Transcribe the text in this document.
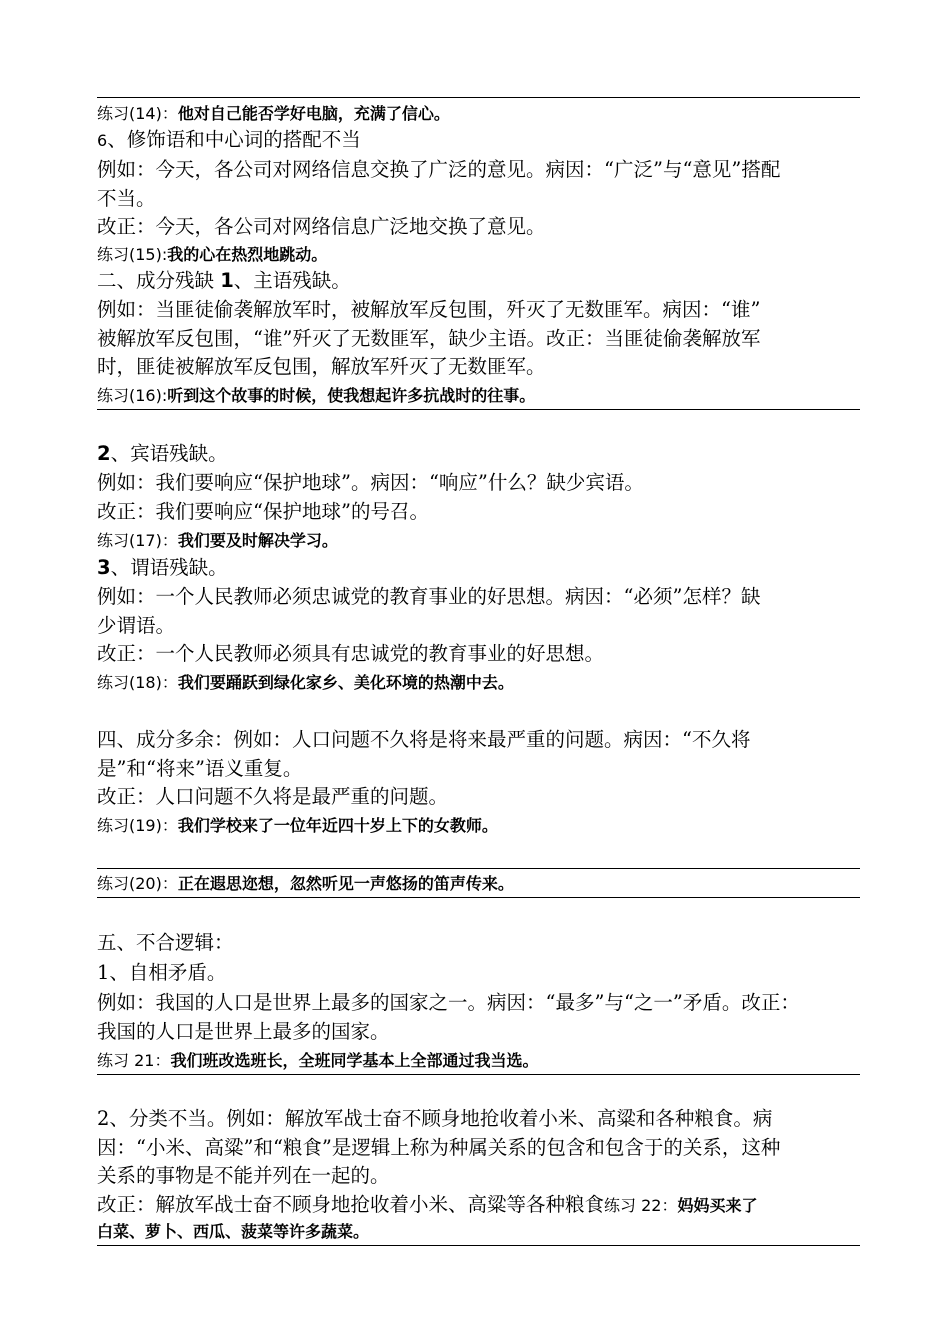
练习(14)：他对自己能否学好电脑，充满了信心。
6、修饰语和中心词的搭配不当
例如：今天，各公司对网络信息交换了广泛的意见。病因：“广泛”与“意见”搭配
不当。
改正：今天，各公司对网络信息广泛地交换了意见。
练习(15):我的心在热烈地跳动。
二、成分残缺 1、主语残缺。
例如：当匪徒偷袭解放军时，被解放军反包围，歼灭了无数匪军。病因：“谁”
被解放军反包围，“谁”歼灭了无数匪军，缺少主语。改正：当匪徒偷袭解放军
时，匪徒被解放军反包围，解放军歼灭了无数匪军。
练习(16):听到这个故事的时候，使我想起许多抗战时的往事。
2、宾语残缺。
例如：我们要响应“保护地球”。病因：“响应”什么？缺少宾语。
改正：我们要响应“保护地球”的号召。
练习(17)：我们要及时解决学习。
3、谓语残缺。
例如：一个人民教师必须忠诚党的教育事业的好思想。病因：“必须”怎样？缺
少谓语。
改正：一个人民教师必须具有忠诚党的教育事业的好思想。
练习(18)：我们要踊跃到绿化家乡、美化环境的热潮中去。
四、成分多余：例如：人口问题不久将是将来最严重的问题。病因：“不久将
是”和“将来”语义重复。
改正：人口问题不久将是最严重的问题。
练习(19)：我们学校来了一位年近四十岁上下的女教师。
练习(20)：正在遐思迩想，忽然听见一声悠扬的笛声传来。
五、不合逻辑：
1、自相矛盾。
例如：我国的人口是世界上最多的国家之一。病因：“最多”与“之一”矛盾。改正：
我国的人口是世界上最多的国家。
练习 21：我们班改选班长，全班同学基本上全部通过我当选。
2、分类不当。例如：解放军战士奋不顾身地抢收着小米、高粱和各种粮食。病
因：“小米、高粱”和“粮食”是逻辑上称为种属关系的包含和包含于的关系，这种
关系的事物是不能并列在一起的。
改正：解放军战士奋不顾身地抢收着小米、高粱等各种粮食练习 22：妈妈买来了
白菜、萝卜、西瓜、菠菜等许多蔬菜。
